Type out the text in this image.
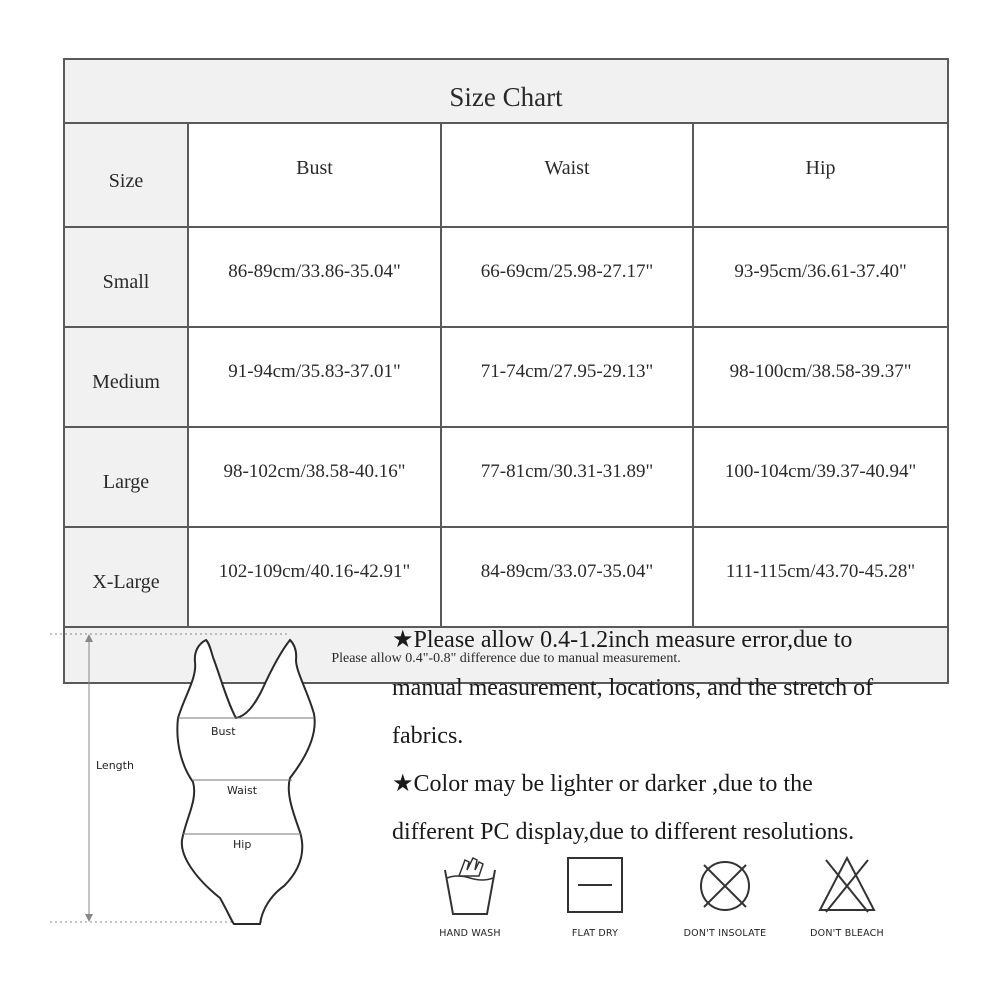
Size Chart			
Size	Bust	Waist	Hip
Small	86-89cm/33.86-35.04"	66-69cm/25.98-27.17"	93-95cm/36.61-37.40"
Medium	91-94cm/35.83-37.01"	71-74cm/27.95-29.13"	98-100cm/38.58-39.37"
Large	98-102cm/38.58-40.16"	77-81cm/30.31-31.89"	100-104cm/39.37-40.94"
X-Large	102-109cm/40.16-42.91"	84-89cm/33.07-35.04"	111-115cm/43.70-45.28"
Please allow 0.4"-0.8" difference due to manual measurement.			
Length
Bust
Waist
Hip

★Please allow 0.4-1.2inch measure error,due to

manual measurement, locations, and the stretch of

fabrics.

★Color may be lighter or darker ,due to the

different PC display,due to different resolutions.

HAND WASH	FLAT DRY	DON'T INSOLATE	DON'T BLEACH
